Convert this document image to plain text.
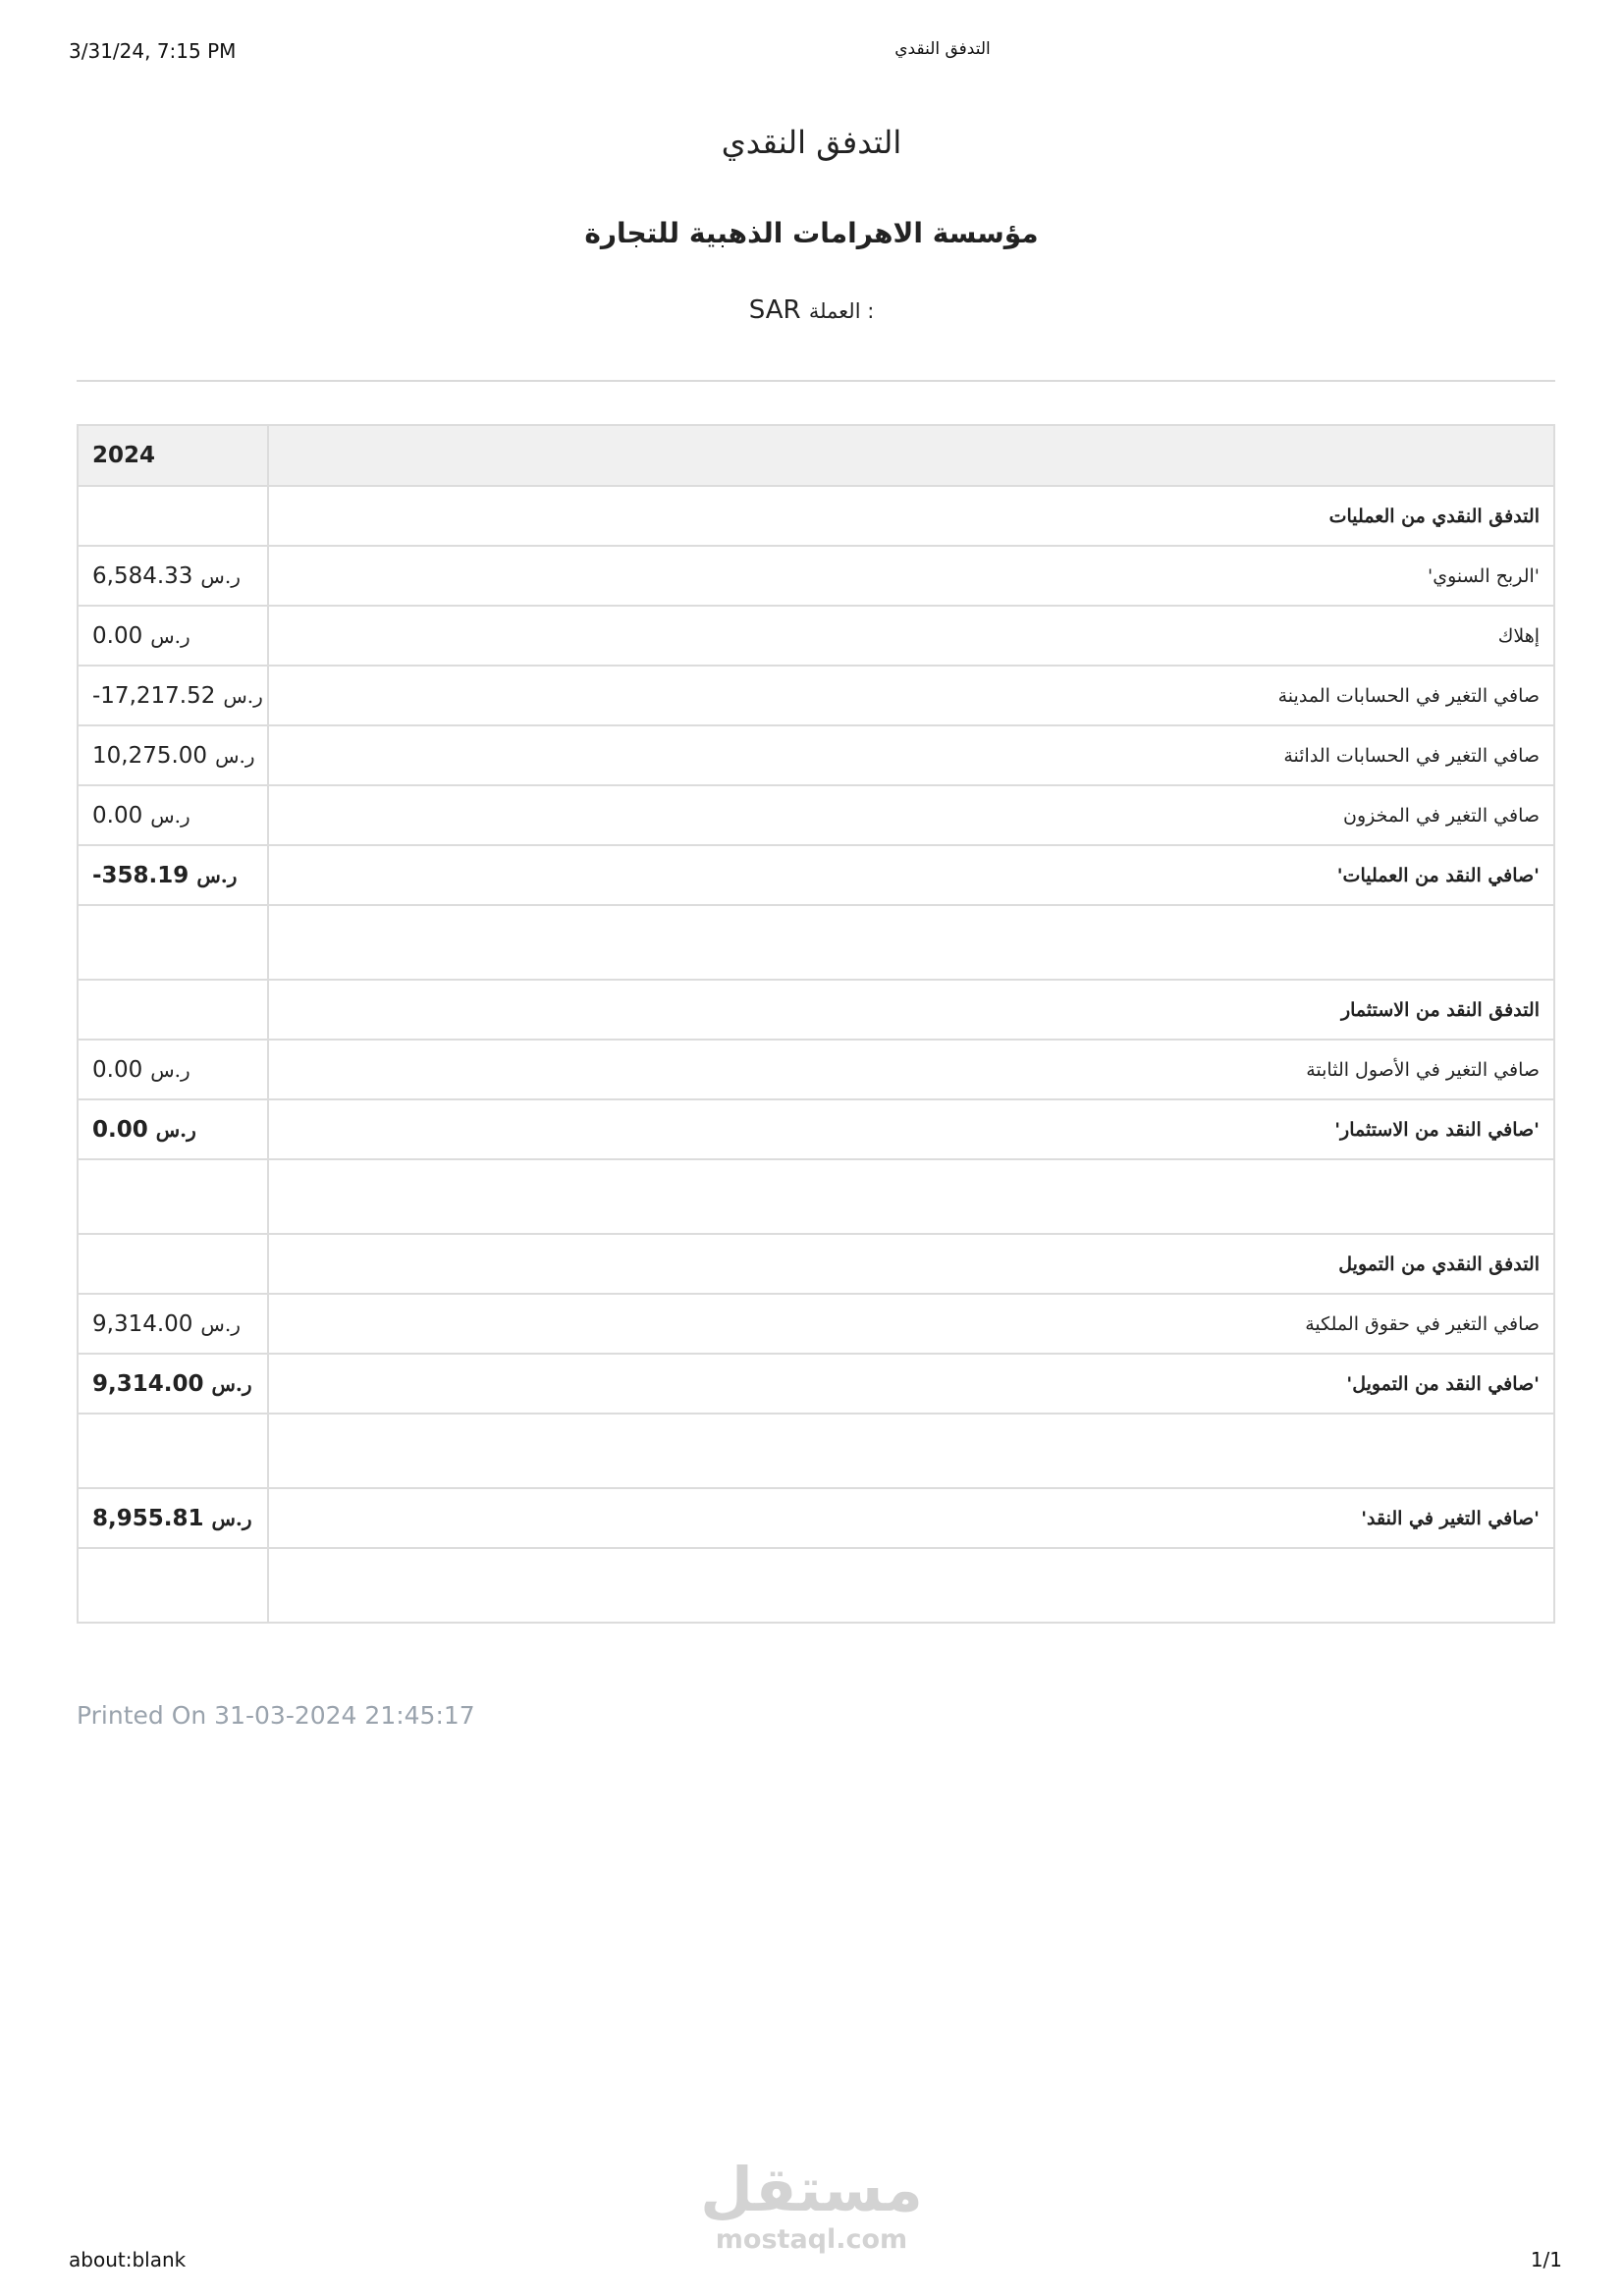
3/31/24, 7:15 PM	التدفق النقدي
التدفق النقدي
مؤسسة الاهرامات الذهبية للتجارة
SAR العملة :
2024	
	التدفق النقدي من العمليات
6,584.33 ر.س	'الربح السنوي'
0.00 ر.س	إهلاك
-17,217.52 ر.س	صافي التغير في الحسابات المدينة
10,275.00 ر.س	صافي التغير في الحسابات الدائنة
0.00 ر.س	صافي التغير في المخزون
-358.19 ر.س	'صافي النقد من العمليات'

	التدفق النقد من الاستثمار
0.00 ر.س	صافي التغير في الأصول الثابتة
0.00 ر.س	'صافي النقد من الاستثمار'

	التدفق النقدي من التمويل
9,314.00 ر.س	صافي التغير في حقوق الملكية
9,314.00 ر.س	'صافي النقد من التمويل'

8,955.81 ر.س	'صافي التغير في النقد'

Printed On 31-03-2024 21:45:17
مستقل
mostaql.com
about:blank	1/1
